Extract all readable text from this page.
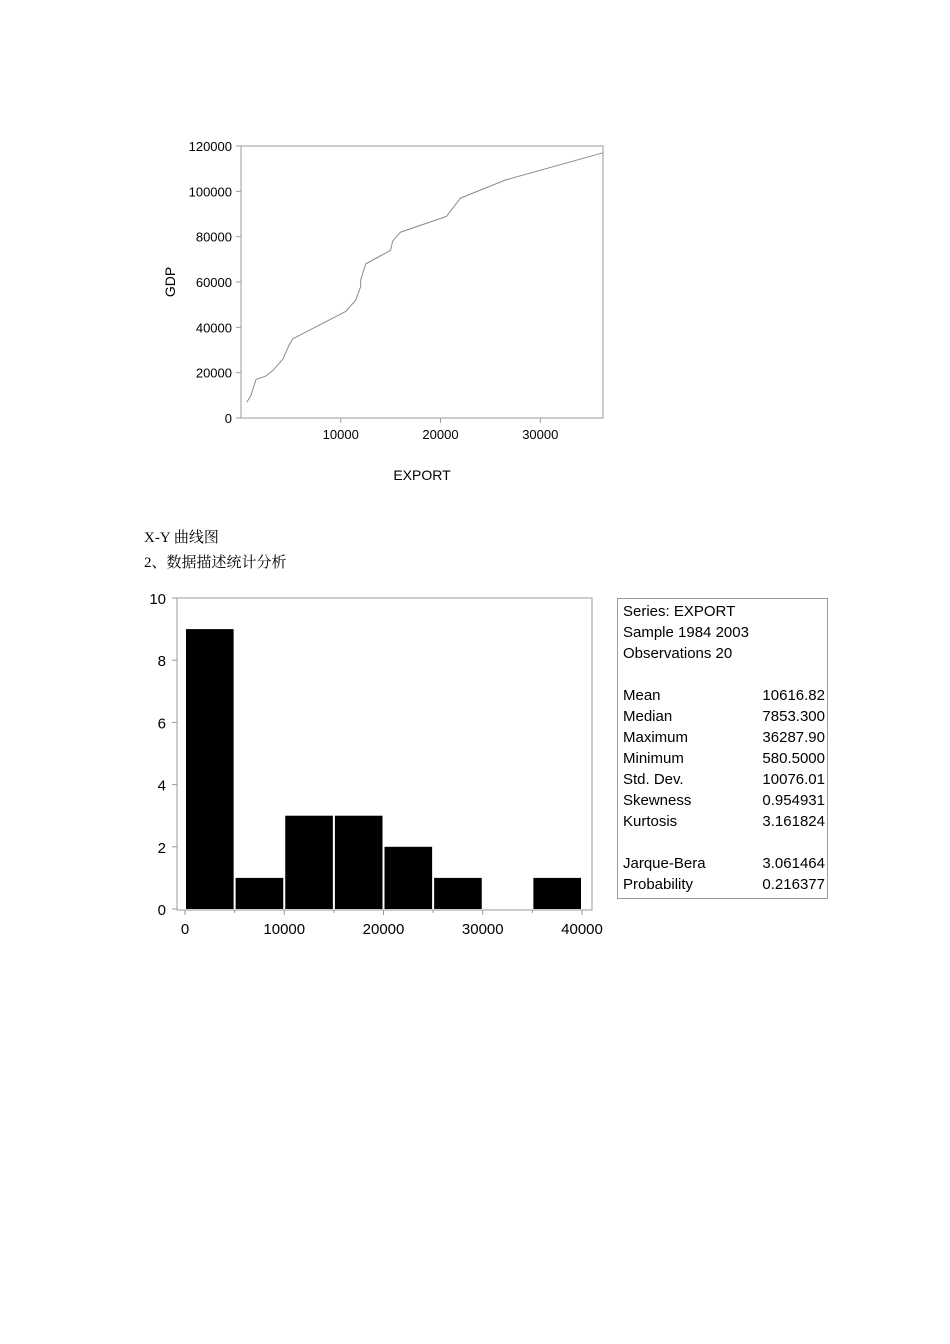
0
20000
40000
60000
80000
100000
120000
10000	20000	30000
GDP
EXPORT
X-Y 曲线图
2、数据描述统计分析
0
2
4
6
8
10
0	10000	20000	30000	40000
Series: EXPORT
Sample 1984 2003
Observations 20
Mean	10616.82
Median	7853.300
Maximum	36287.90
Minimum	580.5000
Std. Dev.	10076.01
Skewness	0.954931
Kurtosis	3.161824
Jarque-Bera	3.061464
Probability	0.216377
